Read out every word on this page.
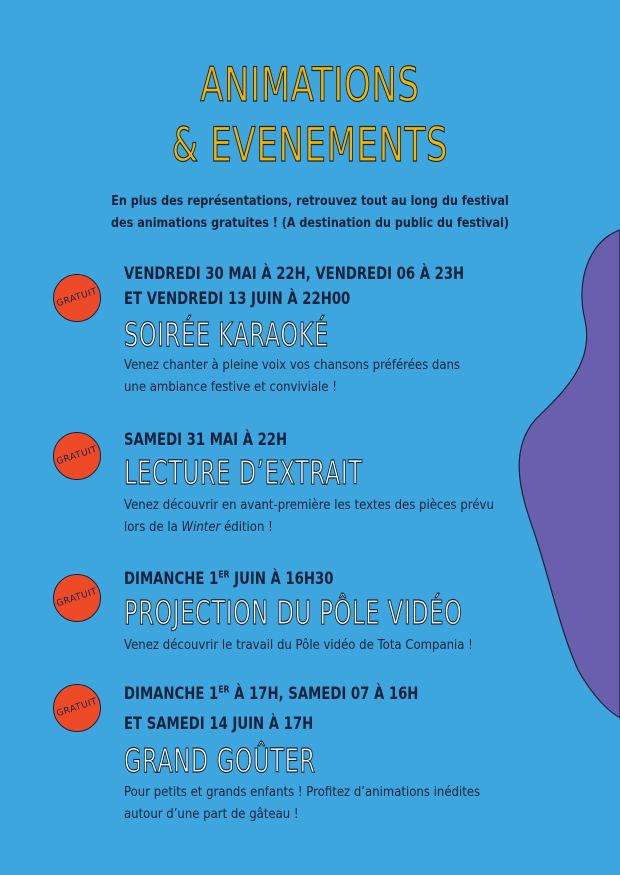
ANIMATIONS
& EVENEMENTS
En plus des représentations, retrouvez tout au long du festival
des animations gratuites ! (A destination du public du festival)
GRATUIT
VENDREDI 30 MAI À 22H, VENDREDI 06 À 23H
ET VENDREDI 13 JUIN À 22H00
SOIRÉE KARAOKÉ
Venez chanter à pleine voix vos chansons préférées dans
une ambiance festive et conviviale !
GRATUIT
SAMEDI 31 MAI À 22H
LECTURE D’EXTRAIT
Venez découvrir en avant-première les textes des pièces prévu
lors de la Winter édition !
GRATUIT
DIMANCHE 1ER JUIN À 16H30
PROJECTION DU PÔLE VIDÉO
Venez découvrir le travail du Pôle vidéo de Tota Compania !
GRATUIT
DIMANCHE 1ER À 17H, SAMEDI 07 À 16H
ET SAMEDI 14 JUIN À 17H
GRAND GOÛTER
Pour petits et grands enfants ! Profitez d’animations inédites
autour d’une part de gâteau !
